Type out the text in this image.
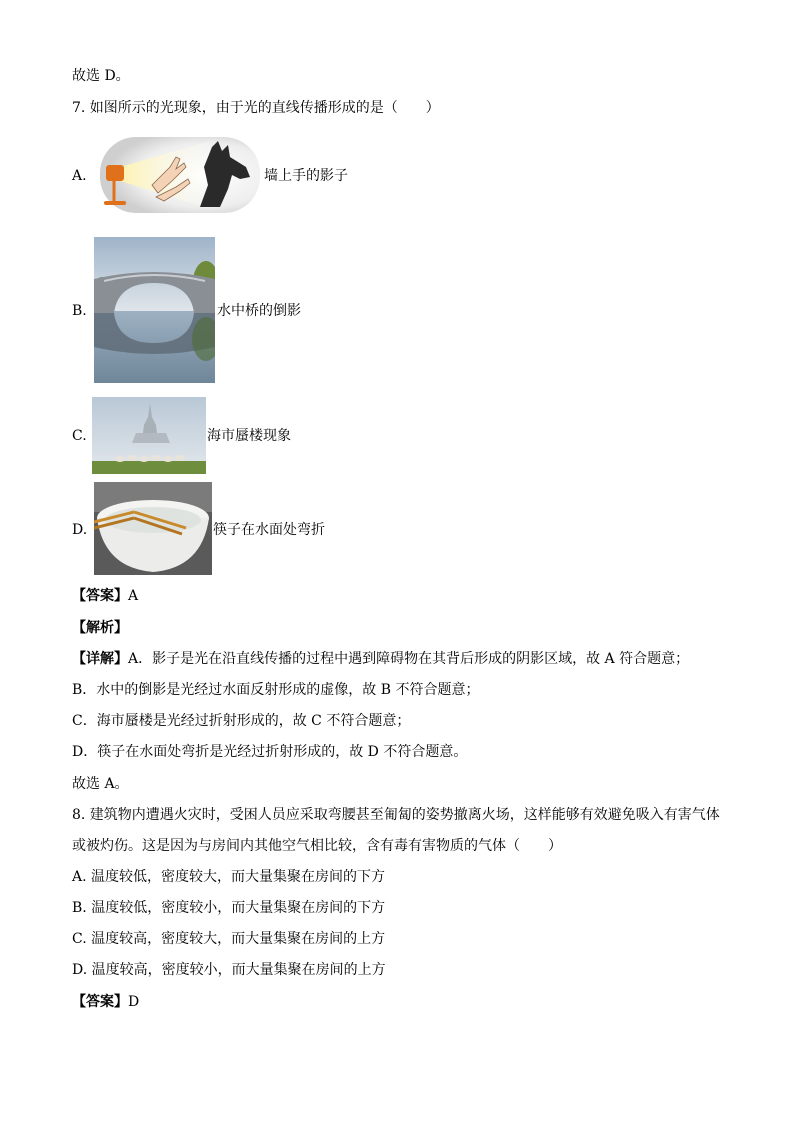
故选 D。
7. 如图所示的光现象，由于光的直线传播形成的是（　　）
A.	墙上手的影子
B.	水中桥的倒影
C.	海市蜃楼现象
D.	筷子在水面处弯折
【答案】A
【解析】
【详解】A．影子是光在沿直线传播的过程中遇到障碍物在其背后形成的阴影区域，故 A 符合题意；
B．水中的倒影是光经过水面反射形成的虚像，故 B 不符合题意；
C．海市蜃楼是光经过折射形成的，故 C 不符合题意；
D．筷子在水面处弯折是光经过折射形成的，故 D 不符合题意。
故选 A。
8. 建筑物内遭遇火灾时，受困人员应采取弯腰甚至匍匐的姿势撤离火场，这样能够有效避免吸入有害气体
或被灼伤。这是因为与房间内其他空气相比较，含有毒有害物质的气体（　　）
A. 温度较低，密度较大，而大量集聚在房间的下方
B. 温度较低，密度较小，而大量集聚在房间的下方
C. 温度较高，密度较大，而大量集聚在房间的上方
D. 温度较高，密度较小，而大量集聚在房间的上方
【答案】D
